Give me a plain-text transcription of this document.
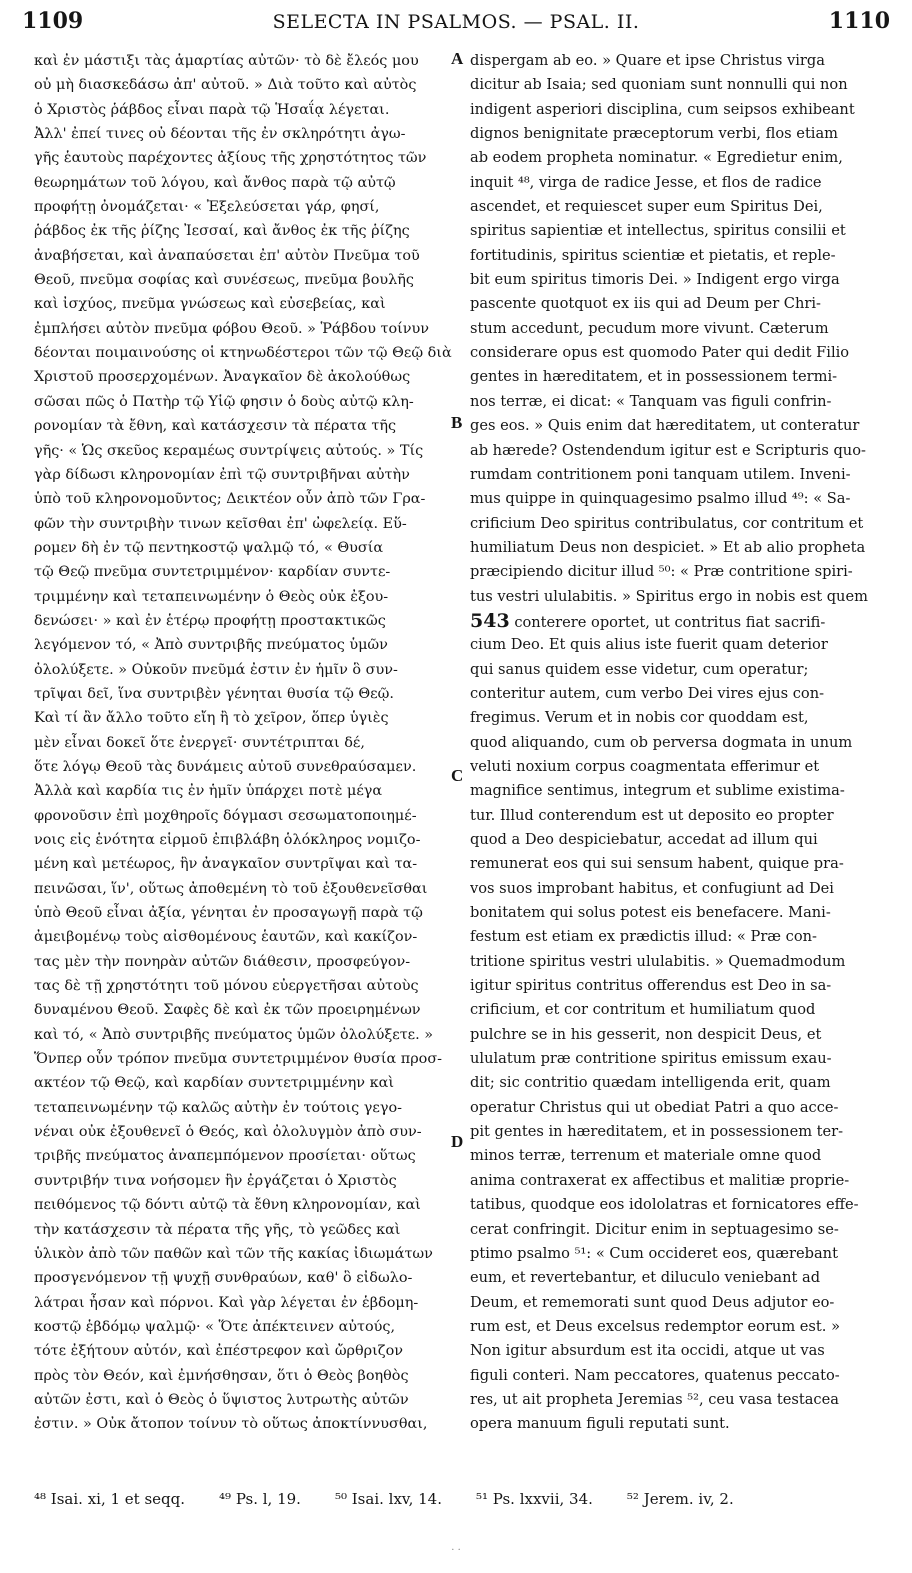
1109	SELECTA IN PSALMOS. — PSAL. II.	1110
καὶ ἐν μάστιξι τὰς ἁμαρτίας αὐτῶν· τὸ δὲ ἔλεός μου
οὐ μὴ διασκεδάσω ἀπ' αὐτοῦ. » Διὰ τοῦτο καὶ αὐτὸς
ὁ Χριστὸς ῥάβδος εἶναι παρὰ τῷ Ἡσαΐᾳ λέγεται.
Ἀλλ' ἐπεί τινες οὐ δέονται τῆς ἐν σκληρότητι ἀγω-
γῆς ἑαυτοὺς παρέχοντες ἀξίους τῆς χρηστότητος τῶν
θεωρημάτων τοῦ λόγου, καὶ ἄνθος παρὰ τῷ αὐτῷ
προφήτῃ ὀνομάζεται· « Ἐξελεύσεται γάρ, φησί,
ῥάβδος ἐκ τῆς ῥίζης Ἰεσσαί, καὶ ἄνθος ἐκ τῆς ῥίζης
ἀναβήσεται, καὶ ἀναπαύσεται ἐπ' αὐτὸν Πνεῦμα τοῦ
Θεοῦ, πνεῦμα σοφίας καὶ συνέσεως, πνεῦμα βουλῆς
καὶ ἰσχύος, πνεῦμα γνώσεως καὶ εὐσεβείας, καὶ
ἐμπλήσει αὐτὸν πνεῦμα φόβου Θεοῦ. » Ῥάβδου τοίνυν
δέονται ποιμαινούσης οἱ κτηνωδέστεροι τῶν τῷ Θεῷ διὰ
Χριστοῦ προσερχομένων. Ἀναγκαῖον δὲ ἀκολούθως
σῶσαι πῶς ὁ Πατὴρ τῷ Υἱῷ φησιν ὁ δοὺς αὐτῷ κλη-
ρονομίαν τὰ ἔθνη, καὶ κατάσχεσιν τὰ πέρατα τῆς
γῆς· « Ὡς σκεῦος κεραμέως συντρίψεις αὐτούς. » Τίς
γὰρ δίδωσι κληρονομίαν ἐπὶ τῷ συντριβῆναι αὐτὴν
ὑπὸ τοῦ κληρονομοῦντος; Δεικτέον οὖν ἀπὸ τῶν Γρα-
φῶν τὴν συντριβὴν τινων κεῖσθαι ἐπ' ὠφελείᾳ. Εὕ-
ρομεν δὴ ἐν τῷ πεντηκοστῷ ψαλμῷ τό, « Θυσία
τῷ Θεῷ πνεῦμα συντετριμμένον· καρδίαν συντε-
τριμμένην καὶ τεταπεινωμένην ὁ Θεὸς οὐκ ἐξου-
δενώσει· » καὶ ἐν ἑτέρῳ προφήτῃ προστακτικῶς
λεγόμενον τό, « Ἀπὸ συντριβῆς πνεύματος ὑμῶν
ὀλολύξετε. » Οὐκοῦν πνεῦμά ἐστιν ἐν ἡμῖν ὃ συν-
τρῖψαι δεῖ, ἵνα συντριβὲν γένηται θυσία τῷ Θεῷ.
Καὶ τί ἂν ἄλλο τοῦτο εἴη ἢ τὸ χεῖρον, ὅπερ ὑγιὲς
μὲν εἶναι δοκεῖ ὅτε ἐνεργεῖ· συντέτριπται δέ,
ὅτε λόγῳ Θεοῦ τὰς δυνάμεις αὐτοῦ συνεθραύσαμεν.
Ἀλλὰ καὶ καρδία τις ἐν ἡμῖν ὑπάρχει ποτὲ μέγα
φρονοῦσιν ἐπὶ μοχθηροῖς δόγμασι σεσωματοποιημέ-
νοις εἰς ἑνότητα εἱρμοῦ ἐπιβλάβη ὁλόκληρος νομιζο-
μένη καὶ μετέωρος, ἣν ἀναγκαῖον συντρῖψαι καὶ τα-
πεινῶσαι, ἵν', οὕτως ἀποθεμένη τὸ τοῦ ἐξουθενεῖσθαι
ὑπὸ Θεοῦ εἶναι ἀξία, γένηται ἐν προσαγωγῇ παρὰ τῷ
ἀμειβομένῳ τοὺς αἰσθομένους ἑαυτῶν, καὶ κακίζον-
τας μὲν τὴν πονηρὰν αὐτῶν διάθεσιν, προσφεύγον-
τας δὲ τῇ χρηστότητι τοῦ μόνου εὐεργετῆσαι αὐτοὺς
δυναμένου Θεοῦ. Σαφὲς δὲ καὶ ἐκ τῶν προειρημένων
καὶ τό, « Ἀπὸ συντριβῆς πνεύματος ὑμῶν ὀλολύξετε. »
Ὅνπερ οὖν τρόπον πνεῦμα συντετριμμένον θυσία προσ-
ακτέον τῷ Θεῷ, καὶ καρδίαν συντετριμμένην καὶ
τεταπεινωμένην τῷ καλῶς αὐτὴν ἐν τούτοις γεγο-
νέναι οὐκ ἐξουθενεῖ ὁ Θεός, καὶ ὀλολυγμὸν ἀπὸ συν-
τριβῆς πνεύματος ἀναπεμπόμενον προσίεται· οὕτως
συντριβήν τινα νοήσομεν ἣν ἐργάζεται ὁ Χριστὸς
πειθόμενος τῷ δόντι αὐτῷ τὰ ἔθνη κληρονομίαν, καὶ
τὴν κατάσχεσιν τὰ πέρατα τῆς γῆς, τὸ γεῶδες καὶ
ὑλικὸν ἀπὸ τῶν παθῶν καὶ τῶν τῆς κακίας ἰδιωμάτων
προσγενόμενον τῇ ψυχῇ συνθραύων, καθ' ὃ εἰδωλο-
λάτραι ἦσαν καὶ πόρνοι. Καὶ γὰρ λέγεται ἐν ἑβδομη-
κοστῷ ἑβδόμῳ ψαλμῷ· « Ὅτε ἀπέκτεινεν αὐτούς,
τότε ἐξήτουν αὐτόν, καὶ ἐπέστρεφον καὶ ὤρθριζον
πρὸς τὸν Θεόν, καὶ ἐμνήσθησαν, ὅτι ὁ Θεὸς βοηθὸς
αὐτῶν ἐστι, καὶ ὁ Θεὸς ὁ ὕψιστος λυτρωτὴς αὐτῶν
ἐστιν. » Οὐκ ἄτοπον τοίνυν τὸ οὕτως ἀποκτίννυσθαι,
dispergam ab eo. » Quare et ipse Christus virga
dicitur ab Isaia; sed quoniam sunt nonnulli qui non
indigent asperiori disciplina, cum seipsos exhibeant
dignos benignitate præceptorum verbi, flos etiam
ab eodem propheta nominatur. « Egredietur enim,
inquit ⁴⁸, virga de radice Jesse, et flos de radice
ascendet, et requiescet super eum Spiritus Dei,
spiritus sapientiæ et intellectus, spiritus consilii et
fortitudinis, spiritus scientiæ et pietatis, et reple-
bit eum spiritus timoris Dei. » Indigent ergo virga
pascente quotquot ex iis qui ad Deum per Chri-
stum accedunt, pecudum more vivunt. Cæterum
considerare opus est quomodo Pater qui dedit Filio
gentes in hæreditatem, et in possessionem termi-
nos terræ, ei dicat: « Tanquam vas figuli confrin-
ges eos. » Quis enim dat hæreditatem, ut conteratur
ab hærede? Ostendendum igitur est e Scripturis quo-
rumdam contritionem poni tanquam utilem. Inveni-
mus quippe in quinquagesimo psalmo illud ⁴⁹: « Sa-
crificium Deo spiritus contribulatus, cor contritum et
humiliatum Deus non despiciet. » Et ab alio propheta
præcipiendo dicitur illud ⁵⁰: « Præ contritione spiri-
tus vestri ululabitis. » Spiritus ergo in nobis est quem
543 conterere oportet, ut contritus fiat sacrifi-
cium Deo. Et quis alius iste fuerit quam deterior
qui sanus quidem esse videtur, cum operatur;
conteritur autem, cum verbo Dei vires ejus con-
fregimus. Verum et in nobis cor quoddam est,
quod aliquando, cum ob perversa dogmata in unum
veluti noxium corpus coagmentata efferimur et
magnifice sentimus, integrum et sublime existima-
tur. Illud conterendum est ut deposito eo propter
quod a Deo despiciebatur, accedat ad illum qui
remunerat eos qui sui sensum habent, quique pra-
vos suos improbant habitus, et confugiunt ad Dei
bonitatem qui solus potest eis benefacere. Mani-
festum est etiam ex prædictis illud: « Præ con-
tritione spiritus vestri ululabitis. » Quemadmodum
igitur spiritus contritus offerendus est Deo in sa-
crificium, et cor contritum et humiliatum quod
pulchre se in his gesserit, non despicit Deus, et
ululatum præ contritione spiritus emissum exau-
dit; sic contritio quædam intelligenda erit, quam
operatur Christus qui ut obediat Patri a quo acce-
pit gentes in hæreditatem, et in possessionem ter-
minos terræ, terrenum et materiale omne quod
anima contraxerat ex affectibus et malitiæ proprie-
tatibus, quodque eos idololatras et fornicatores effe-
cerat confringit. Dicitur enim in septuagesimo se-
ptimo psalmo ⁵¹: « Cum occideret eos, quærebant
eum, et revertebantur, et diluculo veniebant ad
Deum, et rememorati sunt quod Deus adjutor eo-
rum est, et Deus excelsus redemptor eorum est. »
Non igitur absurdum est ita occidi, atque ut vas
figuli conteri. Nam peccatores, quatenus peccato-
res, ut ait propheta Jeremias ⁵², ceu vasa testacea
opera manuum figuli reputati sunt.
A
B
C
D
⁴⁸ Isai. xi, 1 et seqq. ⁴⁹ Ps. l, 19. ⁵⁰ Isai. lxv, 14. ⁵¹ Ps. lxxvii, 34. ⁵² Jerem. iv, 2.
· ·
